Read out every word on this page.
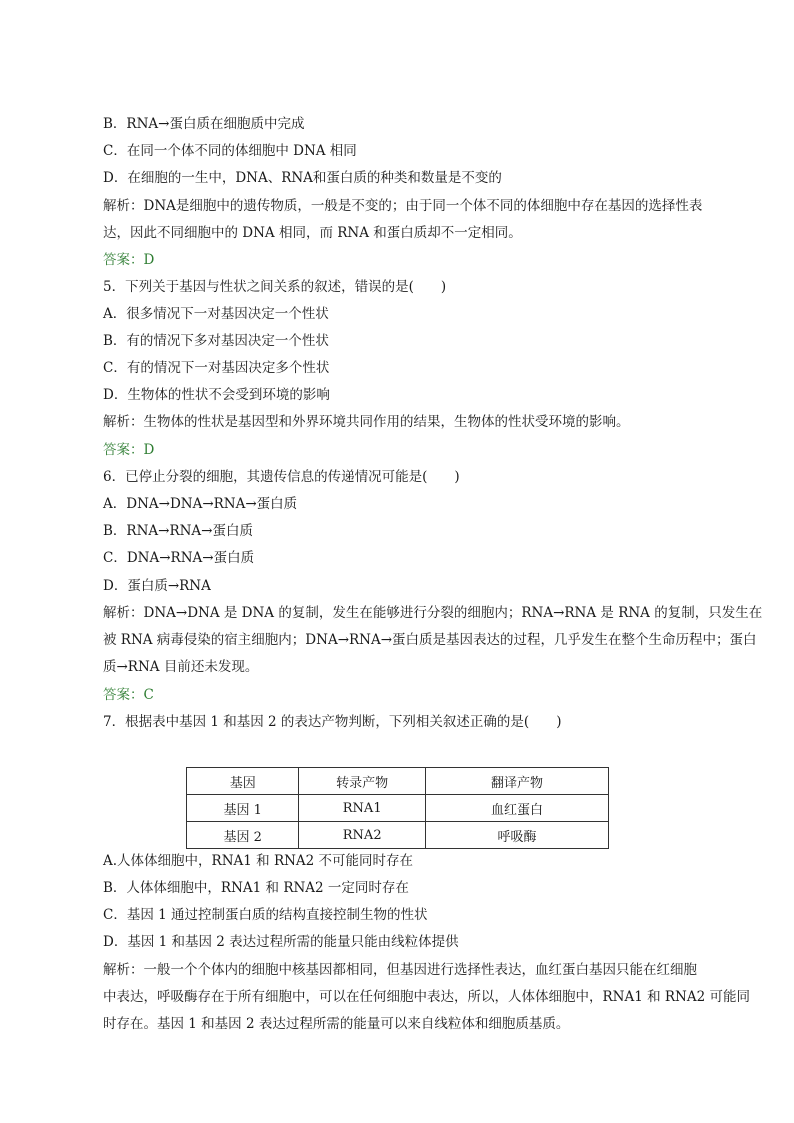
B．RNA→蛋白质在细胞质中完成
C．在同一个体不同的体细胞中 DNA 相同
D．在细胞的一生中，DNA、RNA和蛋白质的种类和数量是不变的
解析：DNA是细胞中的遗传物质，一般是不变的；由于同一个体不同的体细胞中存在基因的选择性表
达，因此不同细胞中的 DNA 相同，而 RNA 和蛋白质却不一定相同。
答案：D
5．下列关于基因与性状之间关系的叙述，错误的是(　　)
A．很多情况下一对基因决定一个性状
B．有的情况下多对基因决定一个性状
C．有的情况下一对基因决定多个性状
D．生物体的性状不会受到环境的影响
解析：生物体的性状是基因型和外界环境共同作用的结果，生物体的性状受环境的影响。
答案：D
6．已停止分裂的细胞，其遗传信息的传递情况可能是(　　)
A．DNA→DNA→RNA→蛋白质
B．RNA→RNA→蛋白质
C．DNA→RNA→蛋白质
D．蛋白质→RNA
解析：DNA→DNA 是 DNA 的复制，发生在能够进行分裂的细胞内；RNA→RNA 是 RNA 的复制，只发生在
被 RNA 病毒侵染的宿主细胞内；DNA→RNA→蛋白质是基因表达的过程，几乎发生在整个生命历程中；蛋白
质→RNA 目前还未发现。
答案：C
7．根据表中基因 1 和基因 2 的表达产物判断，下列相关叙述正确的是(　　)
基因	转录产物	翻译产物
基因 1	RNA1	血红蛋白
基因 2	RNA2	呼吸酶
A.人体体细胞中，RNA1 和 RNA2 不可能同时存在
B．人体体细胞中，RNA1 和 RNA2 一定同时存在
C．基因 1 通过控制蛋白质的结构直接控制生物的性状
D．基因 1 和基因 2 表达过程所需的能量只能由线粒体提供
解析：一般一个个体内的细胞中核基因都相同，但基因进行选择性表达，血红蛋白基因只能在红细胞
中表达，呼吸酶存在于所有细胞中，可以在任何细胞中表达，所以，人体体细胞中，RNA1 和 RNA2 可能同
时存在。基因 1 和基因 2 表达过程所需的能量可以来自线粒体和细胞质基质。
